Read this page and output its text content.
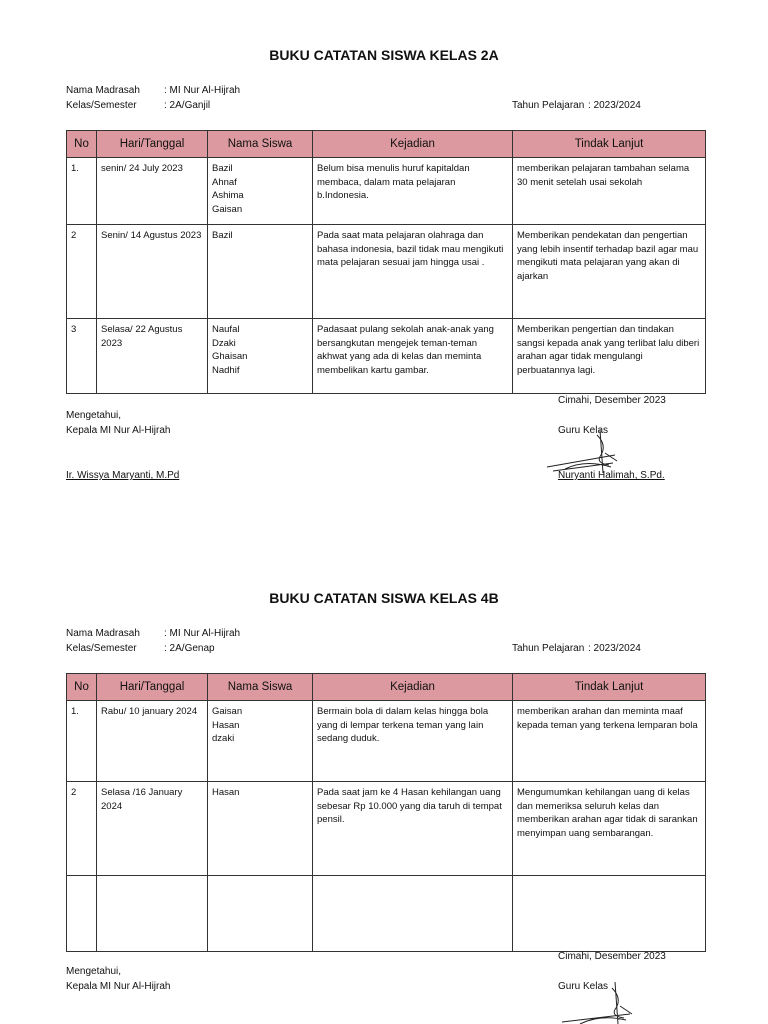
BUKU CATATAN SISWA KELAS 2A
Nama Madrasah : MI Nur Al-Hijrah
Kelas/Semester	: 2A/Ganjil	Tahun Pelajaran : 2023/2024
No	Hari/Tanggal	Nama Siswa	Kejadian	Tindak Lanjut
1.	senin/ 24 July 2023	Bazil
Ahnaf
Ashima
Gaisan	Belum bisa menulis huruf kapitaldan membaca, dalam mata pelajaran b.Indonesia.	memberikan pelajaran tambahan selama 30 menit setelah usai sekolah
2	Senin/ 14 Agustus 2023	Bazil	Pada saat mata pelajaran olahraga dan bahasa indonesia, bazil tidak mau mengikuti mata pelajaran sesuai jam hingga usai .	Memberikan pendekatan dan pengertian yang lebih insentif terhadap bazil agar mau mengikuti mata pelajaran yang akan di ajarkan
3	Selasa/ 22 Agustus 2023	Naufal
Dzaki
Ghaisan
Nadhif	Padasaat pulang sekolah anak-anak yang bersangkutan mengejek teman-teman akhwat yang ada di kelas dan meminta membelikan kartu gambar.	Memberikan pengertian dan tindakan sangsi kepada anak yang terlibat lalu diberi arahan agar tidak mengulangi perbuatannya lagi.
Cimahi, Desember 2023
Mengetahui,
Kepala MI Nur Al-Hijrah	Guru Kelas
Ir. Wissya Maryanti, M.Pd	Nuryanti Halimah, S.Pd.
BUKU CATATAN SISWA KELAS 4B
Nama Madrasah : MI Nur Al-Hijrah
Kelas/Semester	: 2A/Genap	Tahun Pelajaran : 2023/2024
No	Hari/Tanggal	Nama Siswa	Kejadian	Tindak Lanjut
1.	Rabu/ 10 january 2024	Gaisan
Hasan
dzaki	Bermain bola di dalam kelas hingga bola yang di lempar terkena teman yang lain sedang duduk.	memberikan arahan dan meminta maaf kepada teman yang terkena lemparan bola
2	Selasa /16 January 2024	Hasan	Pada saat jam ke 4 Hasan kehilangan uang sebesar Rp 10.000 yang dia taruh di tempat pensil.	Mengumumkan kehilangan uang di kelas dan memeriksa seluruh kelas dan memberikan arahan agar tidak di sarankan menyimpan uang sembarangan.

Cimahi, Desember 2023
Mengetahui,
Kepala MI Nur Al-Hijrah	Guru Kelas
